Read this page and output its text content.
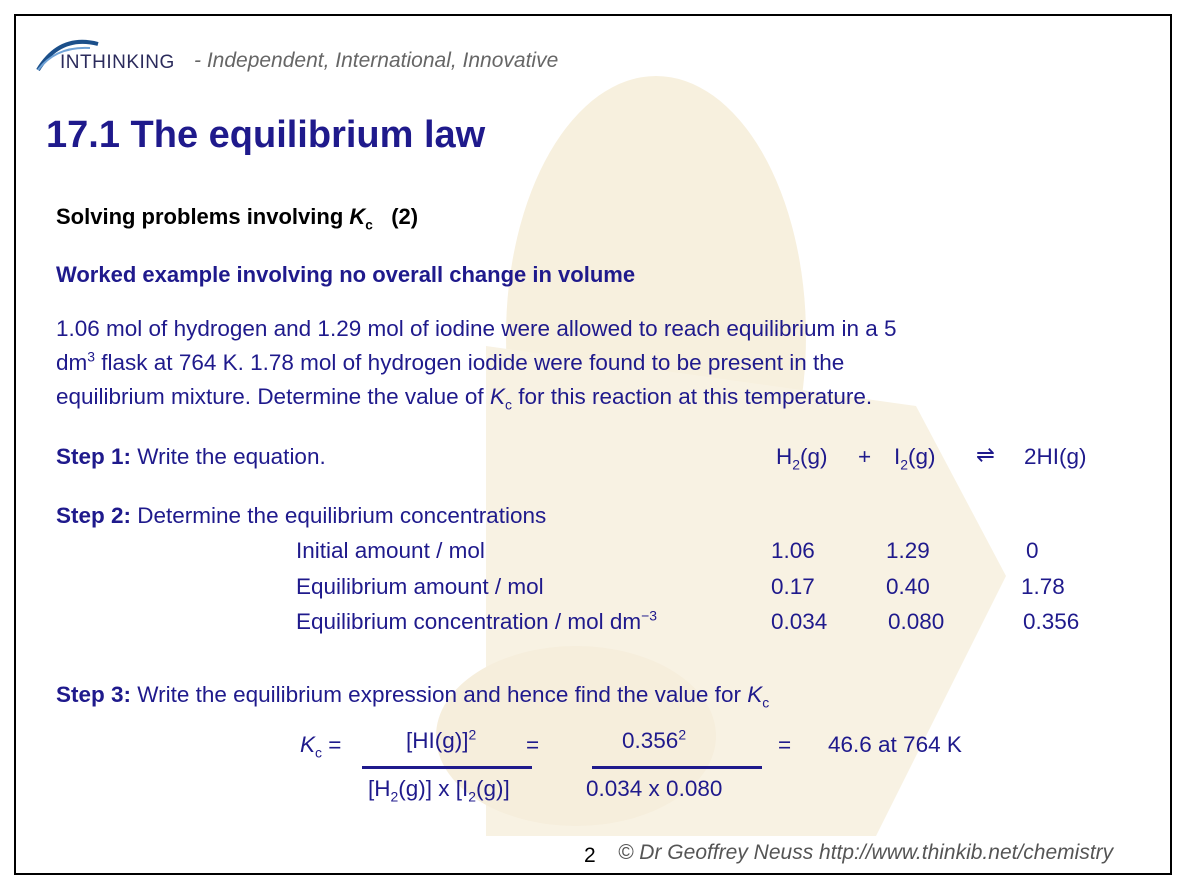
INTHINKING - Independent, International, Innovative
17.1 The equilibrium law
Solving problems involving $K_c$ (2)
Worked example involving no overall change in volume
1.06 mol of hydrogen and 1.29 mol of iodine were allowed to reach equilibrium in a 5
$dm^3$ flask at 764 K. 1.78 mol of hydrogen iodide were found to be present in the
equilibrium mixture. Determine the value of $K_c$ for this reaction at this temperature.
Step 1: Write the equation.	$H_2(g) + I_2(g)$ ⇌ 2HI(g)
Step 2: Determine the equilibrium concentrations
Initial amount / mol	1.06	1.29	0
Equilibrium amount / mol	0.17	0.40	1.78
Equilibrium concentration / mol $dm^{-3}$	0.034	0.080	0.356
Step 3: Write the equilibrium expression and hence find the value for $K_c$
$K_c$ =	$[HI(g)]^2$
$[H_2(g)]$ x $[I_2(g)]$
=	$0.356^2$
0.034 x 0.080
= 46.6 at 764 K
2 © Dr Geoffrey Neuss http://www.thinkib.net/chemistry
